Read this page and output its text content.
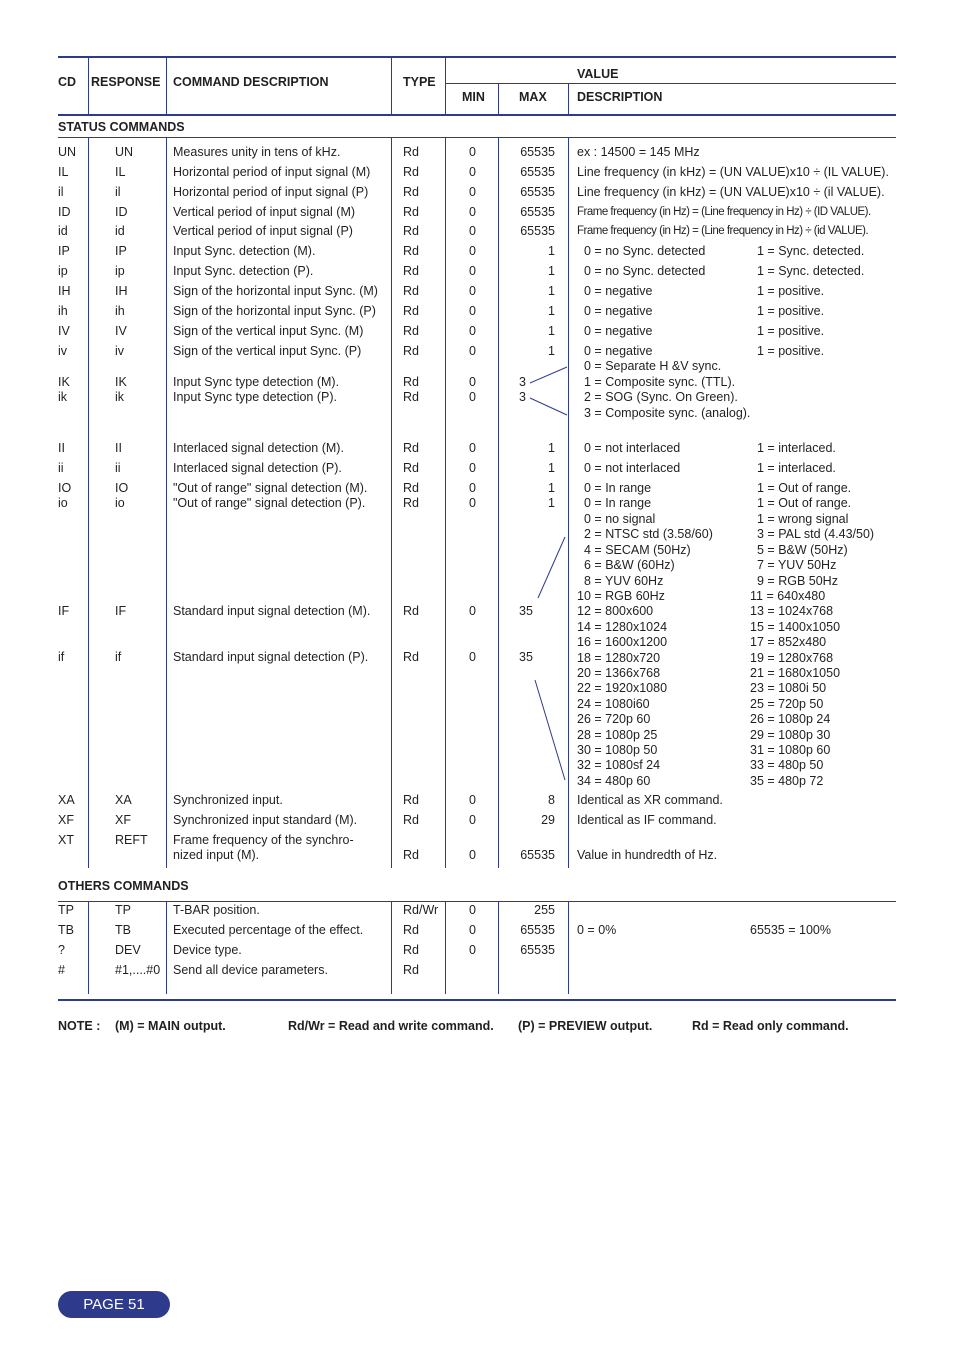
CD RESPONSE COMMAND DESCRIPTION	TYPE
VALUE
MIN	MAX DESCRIPTION
STATUS COMMANDS
UN	UN	Measures unity in tens of kHz.	Rd	0	65535 ex : 14500 = 145 MHz
IL	IL	Horizontal period of input signal (M)	Rd	0	65535 Line frequency (in kHz) = (UN VALUE)x10 ÷ (IL VALUE).
il	il	Horizontal period of input signal (P)	Rd	0	65535 Line frequency (in kHz) = (UN VALUE)x10 ÷ (il VALUE).
ID	ID	Vertical period of input signal (M)	Rd	0	65535 Frame frequency (in Hz) = (Line frequency in Hz) ÷ (ID VALUE).
id	id	Vertical period of input signal (P)	Rd	0	65535 Frame frequency (in Hz) = (Line frequency in Hz) ÷ (id VALUE).
IP	IP	Input Sync. detection (M).	Rd	0	1 0 = no Sync. detected	1 = Sync. detected.
ip	ip	Input Sync. detection (P).	Rd	0	1 0 = no Sync. detected	1 = Sync. detected.
IH	IH	Sign of the horizontal input Sync. (M) Rd	0	1 0 = negative	1 = positive.
ih	ih	Sign of the horizontal input Sync. (P) Rd	0	1 0 = negative	1 = positive.
IV	IV	Sign of the vertical input Sync. (M)	Rd	0	1 0 = negative	1 = positive.
iv	iv	Sign of the vertical input Sync. (P)	Rd	0	1 0 = negative	1 = positive.
IK	IK	Input Sync type detection (M).	Rd	0	3
ik	ik	Input Sync type detection (P).	Rd	0	3
0 = Separate H &V sync.
1 = Composite sync. (TTL).
2 = SOG (Sync. On Green).
3 = Composite sync. (analog).
II	II	Interlaced signal detection (M).	Rd	0	1 0 = not interlaced	1 = interlaced.
ii	ii	Interlaced signal detection (P).	Rd	0	1 0 = not interlaced	1 = interlaced.
IO	IO	"Out of range" signal detection (M).	Rd	0	1 0 = In range	1 = Out of range.
io	io	"Out of range" signal detection (P).	Rd	0	1 0 = In range	1 = Out of range.
IF	IF	Standard input signal detection (M).	Rd	0	35
if	if	Standard input signal detection (P).	Rd	0	35
0 = no signal	1 = wrong signal
2 = NTSC std (3.58/60)	3 = PAL std (4.43/50)
4 = SECAM (50Hz)	5 = B&W (50Hz)
6 = B&W (60Hz)	7 = YUV 50Hz
8 = YUV 60Hz	9 = RGB 50Hz
10 = RGB 60Hz	11 = 640x480
12 = 800x600	13 = 1024x768
14 = 1280x1024	15 = 1400x1050
16 = 1600x1200	17 = 852x480
18 = 1280x720	19 = 1280x768
20 = 1366x768	21 = 1680x1050
22 = 1920x1080	23 = 1080i 50
24 = 1080i60	25 = 720p 50
26 = 720p 60	26 = 1080p 24
28 = 1080p 25	29 = 1080p 30
30 = 1080p 50	31 = 1080p 60
32 = 1080sf 24	33 = 480p 50
34 = 480p 60	35 = 480p 72
XA	XA	Synchronized input.	Rd	0	8 Identical as XR command.
XF	XF	Synchronized input standard (M).	Rd	0	29 Identical as IF command.
XT	REFT Frame frequency of the synchro-
nized input (M).	Rd	0	65535 Value in hundredth of Hz.
OTHERS COMMANDS
TP	TP	T-BAR position.	Rd/Wr 0	255
TB	TB	Executed percentage of the effect.	Rd	0	65535 0 = 0%	65535 = 100%
?	DEV	Device type.	Rd	0	65535
#	#1,....#0 Send all device parameters.	Rd
NOTE : (M) = MAIN output.	Rd/Wr = Read and write command. (P) = PREVIEW output.	Rd = Read only command.
PAGE 51
